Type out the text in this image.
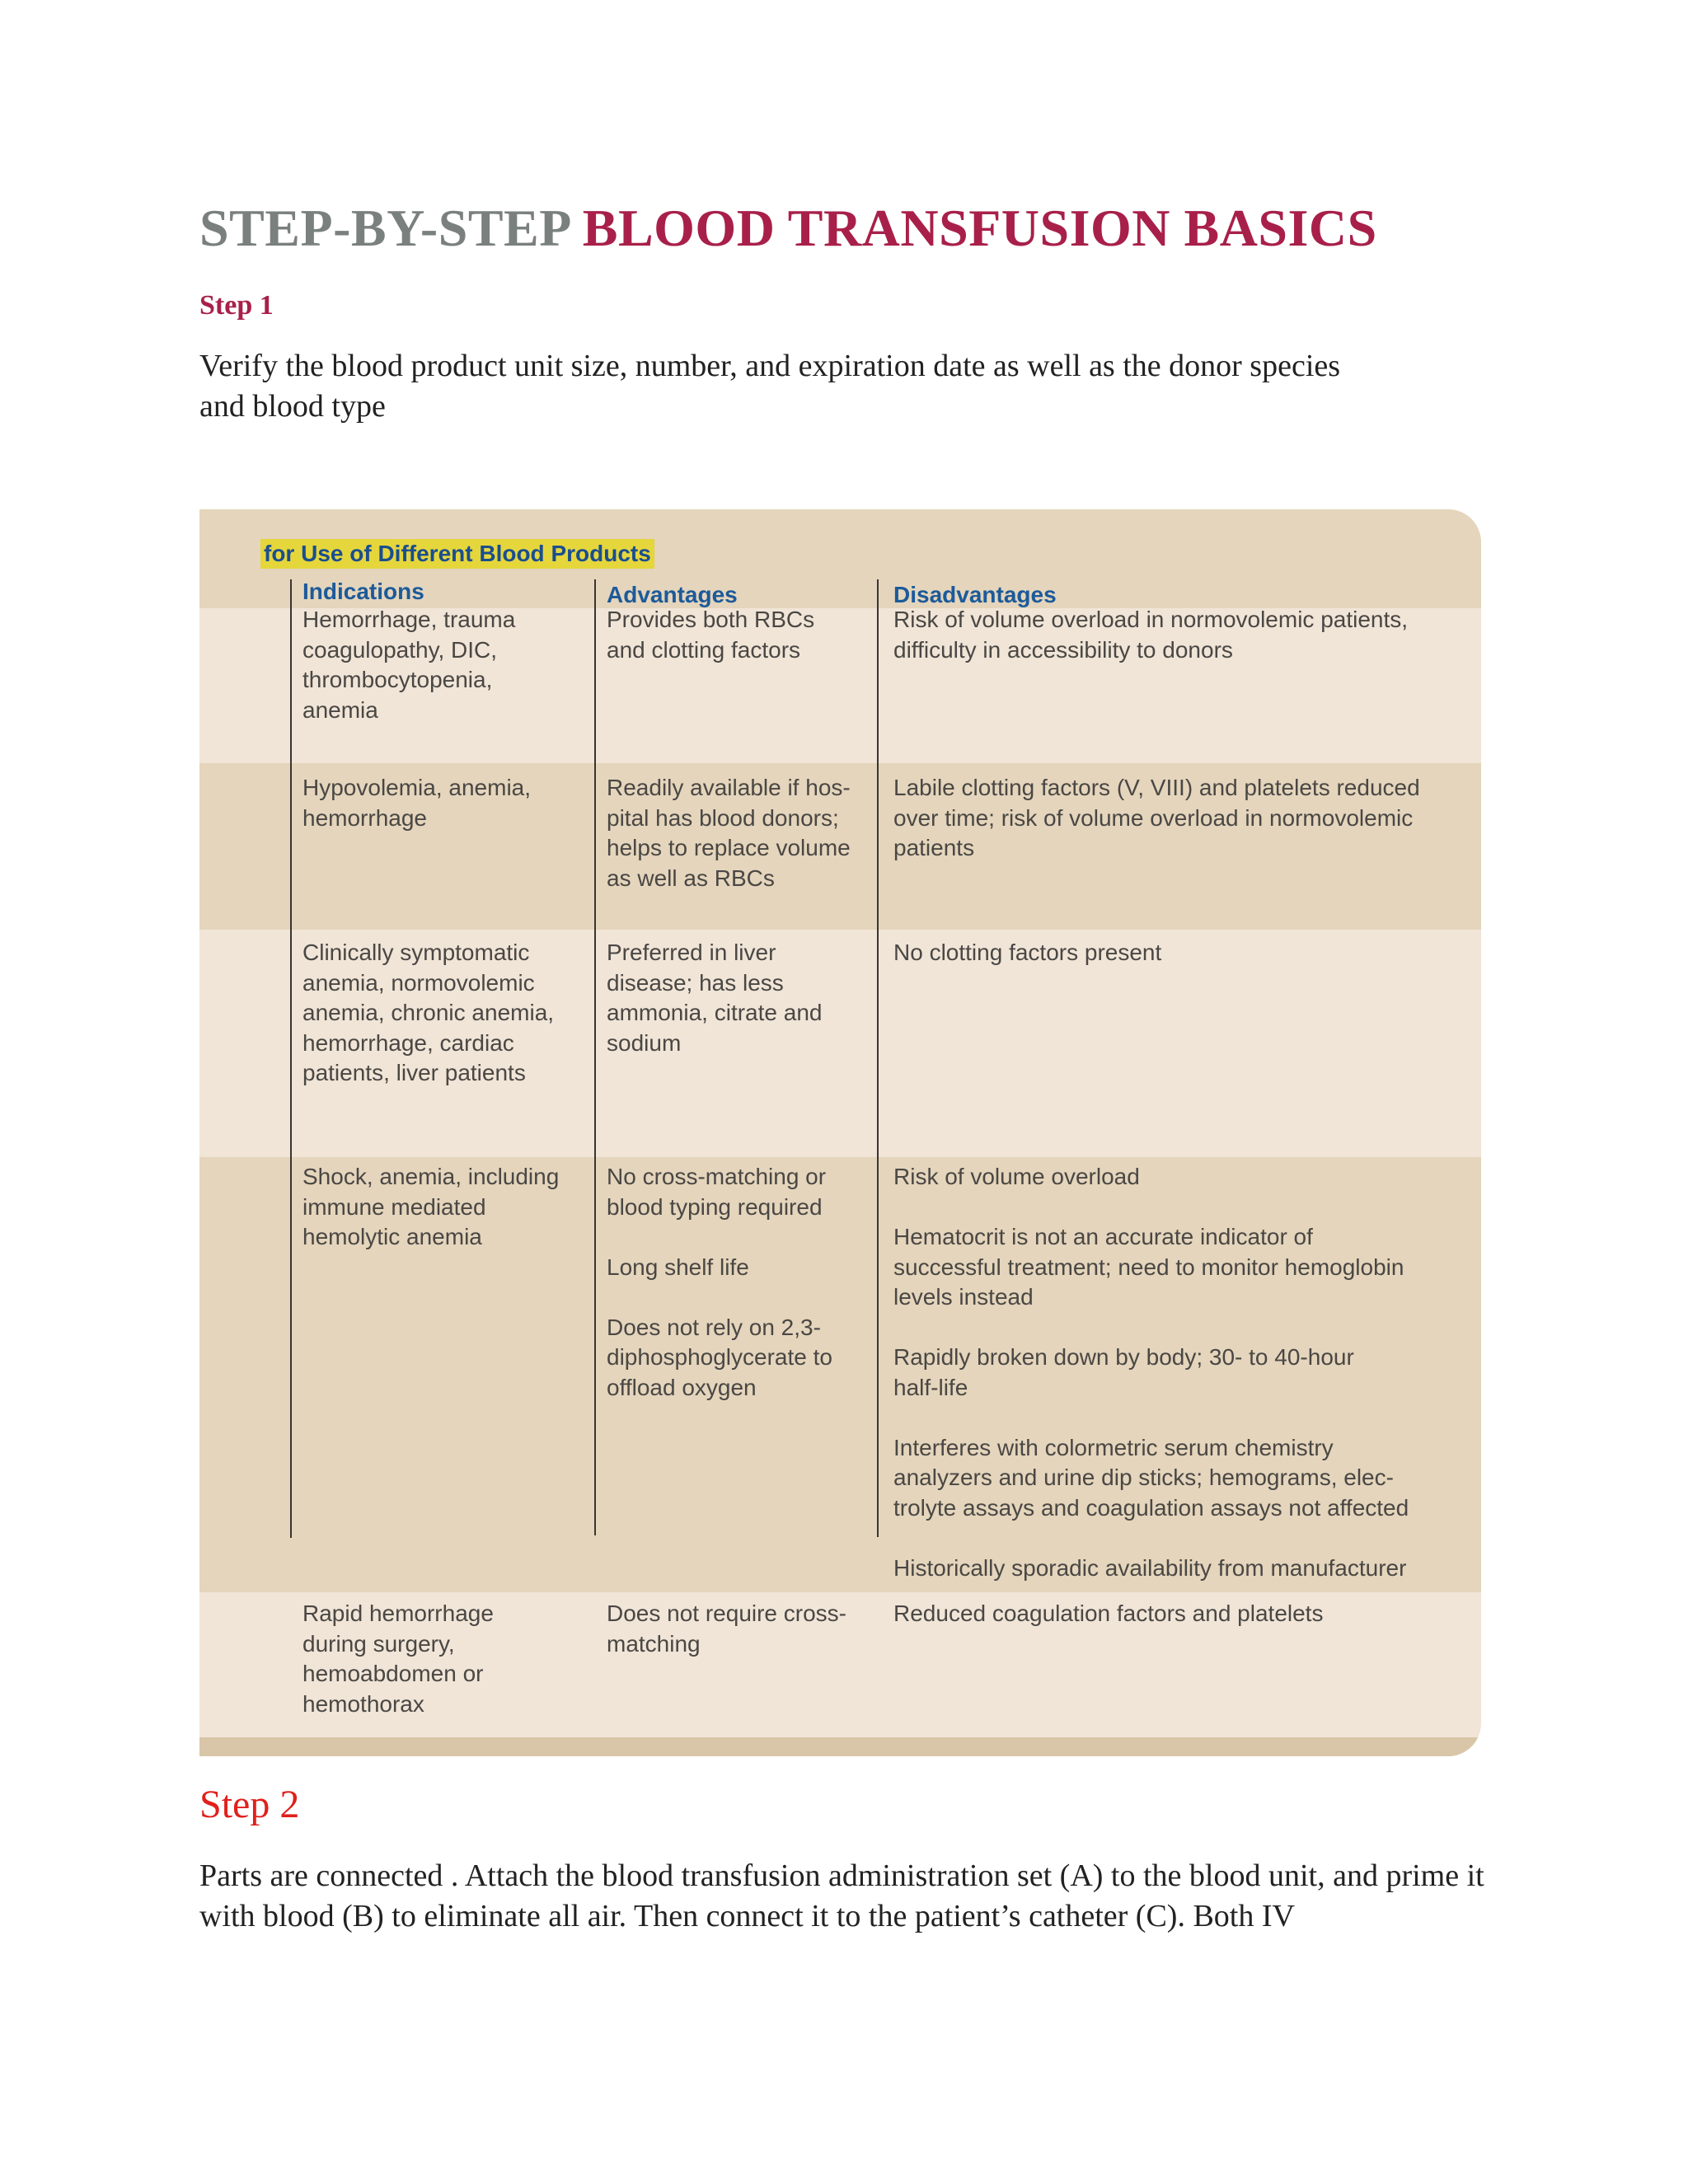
STEP-BY-STEP BLOOD TRANSFUSION BASICS
Step 1
Verify the blood product unit size, number, and expiration date as well as the donor species and blood type
for Use of Different Blood Products
Indications	Advantages	Disadvantages
Hemorrhage, trauma
coagulopathy, DIC,
thrombocytopenia,
anemia
Provides both RBCs
and clotting factors
Risk of volume overload in normovolemic patients,
difficulty in accessibility to donors
Hypovolemia, anemia,
hemorrhage
Readily available if hos-
pital has blood donors;
helps to replace volume
as well as RBCs
Labile clotting factors (V, VIII) and platelets reduced
over time; risk of volume overload in normovolemic
patients
Clinically symptomatic
anemia, normovolemic
anemia, chronic anemia,
hemorrhage, cardiac
patients, liver patients
Preferred in liver
disease; has less
ammonia, citrate and
sodium
No clotting factors present
Shock, anemia, including
immune mediated
hemolytic anemia
No cross-matching or
blood typing required

Long shelf life

Does not rely on 2,3-
diphosphoglycerate to
offload oxygen
Risk of volume overload

Hematocrit is not an accurate indicator of
successful treatment; need to monitor hemoglobin
levels instead

Rapidly broken down by body; 30- to 40-hour
half-life

Interferes with colormetric serum chemistry
analyzers and urine dip sticks; hemograms, elec-
trolyte assays and coagulation assays not affected

Historically sporadic availability from manufacturer
Rapid hemorrhage
during surgery,
hemoabdomen or
hemothorax
Does not require cross-
matching
Reduced coagulation factors and platelets
Step 2
Parts are connected . Attach the blood transfusion administration set (A) to the blood unit, and prime it with blood (B) to eliminate all air. Then connect it to the patient’s catheter (C). Both IV
